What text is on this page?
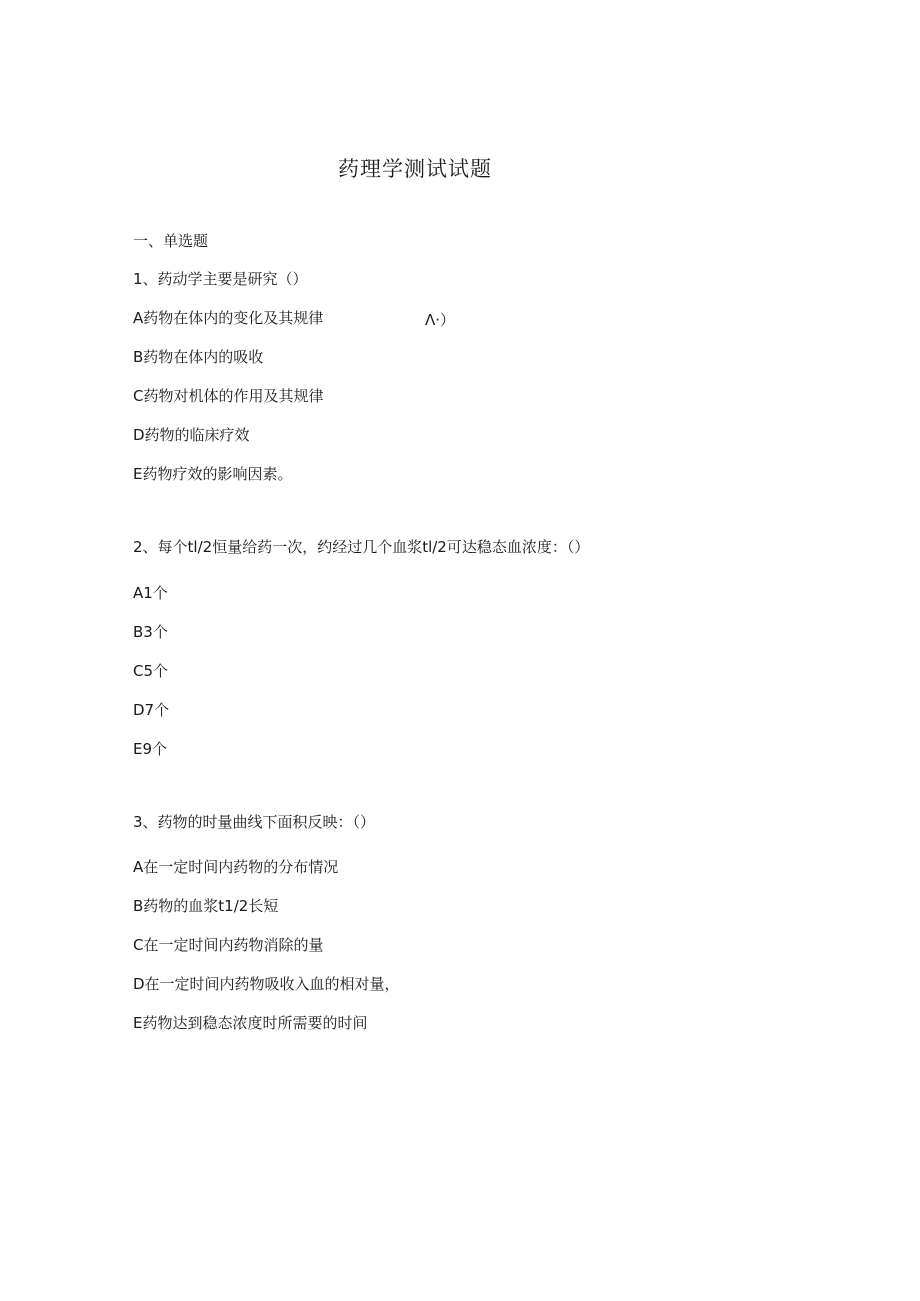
药理学测试试题
一、单选题
1、药动学主要是研究（）
A药物在体内的变化及其规律	Λ·）
B药物在体内的吸收
C药物对机体的作用及其规律
D药物的临床疗效
E药物疗效的影响因素。
2、每个tl/2恒量给药一次，约经过几个血浆tl/2可达稳态血浓度：（）
A1个
B3个
C5个
D7个
E9个
3、药物的时量曲线下面积反映：（）
A在一定时间内药物的分布情况
B药物的血浆t1/2长短
C在一定时间内药物消除的量
D在一定时间内药物吸收入血的相对量，
E药物达到稳态浓度时所需要的时间
